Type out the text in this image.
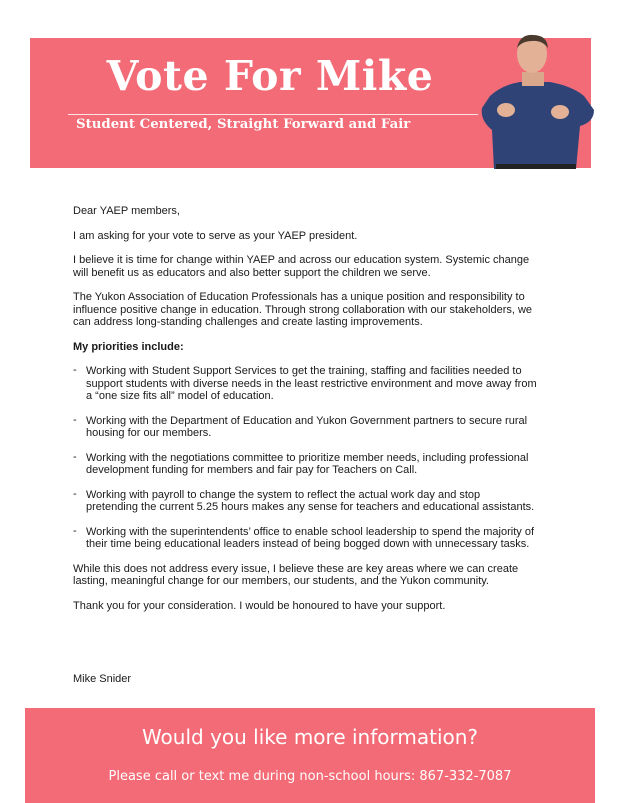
Vote For Mike
Student Centered, Straight Forward and Fair

Dear YAEP members,

I am asking for your vote to serve as your YAEP president.

I believe it is time for change within YAEP and across our education system. Systemic change
will benefit us as educators and also better support the children we serve.
The Yukon Association of Education Professionals has a unique position and responsibility to
influence positive change in education. Through strong collaboration with our stakeholders, we
can address long-standing challenges and create lasting improvements.

My priorities include:

- Working with Student Support Services to get the training, staffing and facilities needed to
support students with diverse needs in the least restrictive environment and move away from
a “one size fits all” model of education.
- Working with the Department of Education and Yukon Government partners to secure rural
housing for our members.
- Working with the negotiations committee to prioritize member needs, including professional
development funding for members and fair pay for Teachers on Call.
- Working with payroll to change the system to reflect the actual work day and stop
pretending the current 5.25 hours makes any sense for teachers and educational assistants.
- Working with the superintendents’ office to enable school leadership to spend the majority of
their time being educational leaders instead of being bogged down with unnecessary tasks.
While this does not address every issue, I believe these are key areas where we can create
lasting, meaningful change for our members, our students, and the Yukon community.

Thank you for your consideration. I would be honoured to have your support.

Mike Snider
Would you like more information?
Please call or text me during non-school hours: 867-332-7087
